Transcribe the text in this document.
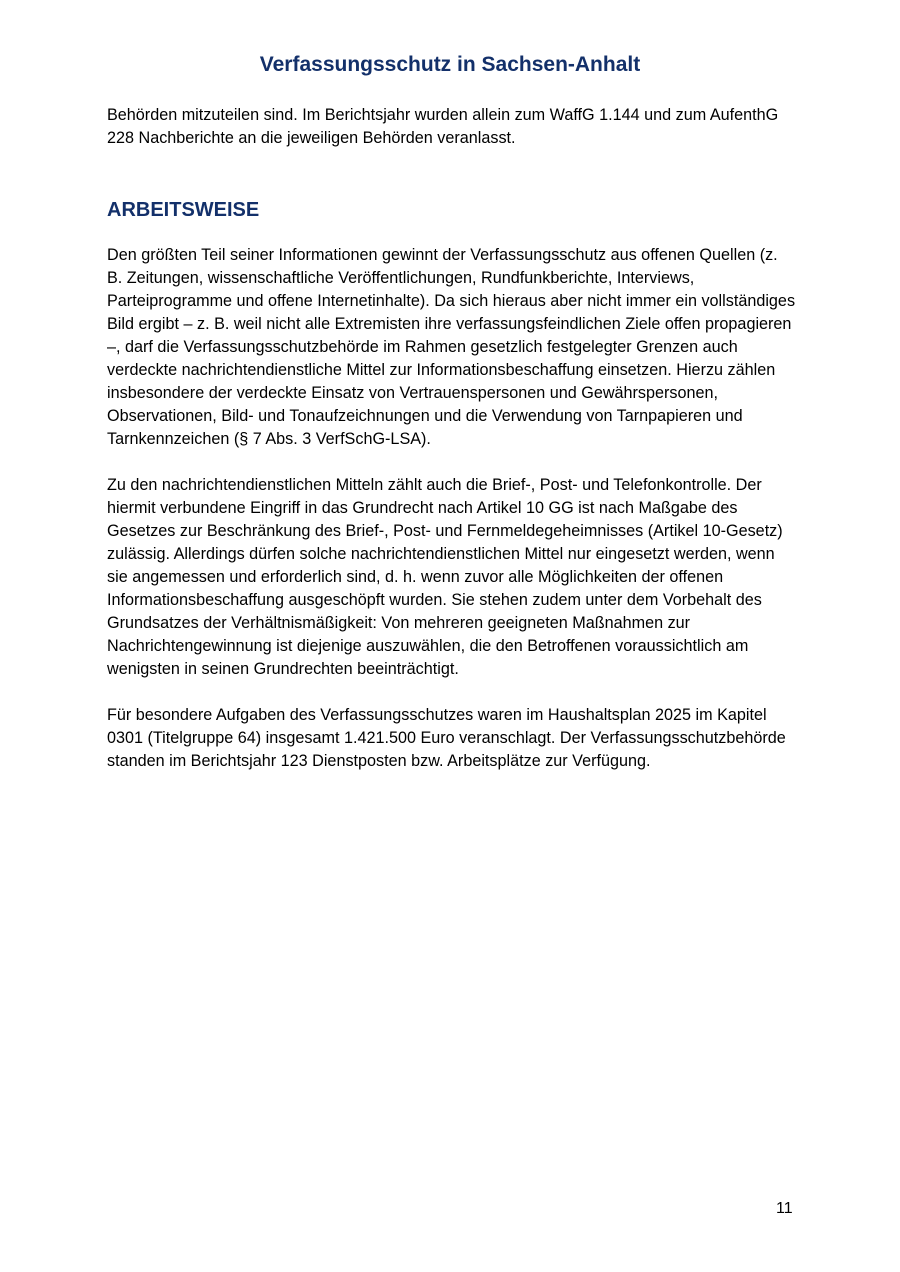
Verfassungsschutz in Sachsen-Anhalt

Behörden mitzuteilen sind. Im Berichtsjahr wurden allein zum WaffG 1.144 und zum AufenthG 228 Nachberichte an die jeweiligen Behörden veranlasst.

ARBEITSWEISE

Den größten Teil seiner Informationen gewinnt der Verfassungsschutz aus offenen Quellen (z. B. Zeitungen, wissenschaftliche Veröffentlichungen, Rundfunkberichte, Interviews, Parteiprogramme und offene Internetinhalte). Da sich hieraus aber nicht immer ein vollständiges Bild ergibt – z. B. weil nicht alle Extremisten ihre verfassungsfeindlichen Ziele offen propagieren –, darf die Verfassungsschutzbehörde im Rahmen gesetzlich festgelegter Grenzen auch verdeckte nachrichtendienstliche Mittel zur Informationsbeschaffung einsetzen. Hierzu zählen insbesondere der verdeckte Einsatz von Vertrauenspersonen und Gewährspersonen, Observationen, Bild- und Tonaufzeichnungen und die Verwendung von Tarnpapieren und Tarnkennzeichen (§ 7 Abs. 3 VerfSchG-LSA).

Zu den nachrichtendienstlichen Mitteln zählt auch die Brief-, Post- und Telefonkontrolle. Der hiermit verbundene Eingriff in das Grundrecht nach Artikel 10 GG ist nach Maßgabe des Gesetzes zur Beschränkung des Brief-, Post- und Fernmeldegeheimnisses (Artikel 10-Gesetz) zulässig. Allerdings dürfen solche nachrichtendienstlichen Mittel nur eingesetzt werden, wenn sie angemessen und erforderlich sind, d. h. wenn zuvor alle Möglichkeiten der offenen Informationsbeschaffung ausgeschöpft wurden. Sie stehen zudem unter dem Vorbehalt des Grundsatzes der Verhältnismäßigkeit: Von mehreren geeigneten Maßnahmen zur Nachrichtengewinnung ist diejenige auszuwählen, die den Betroffenen voraussichtlich am wenigsten in seinen Grundrechten beeinträchtigt.

Für besondere Aufgaben des Verfassungsschutzes waren im Haushaltsplan 2025 im Kapitel 0301 (Titelgruppe 64) insgesamt 1.421.500 Euro veranschlagt. Der Verfassungsschutzbehörde standen im Berichtsjahr 123 Dienstposten bzw. Arbeitsplätze zur Verfügung.

11
